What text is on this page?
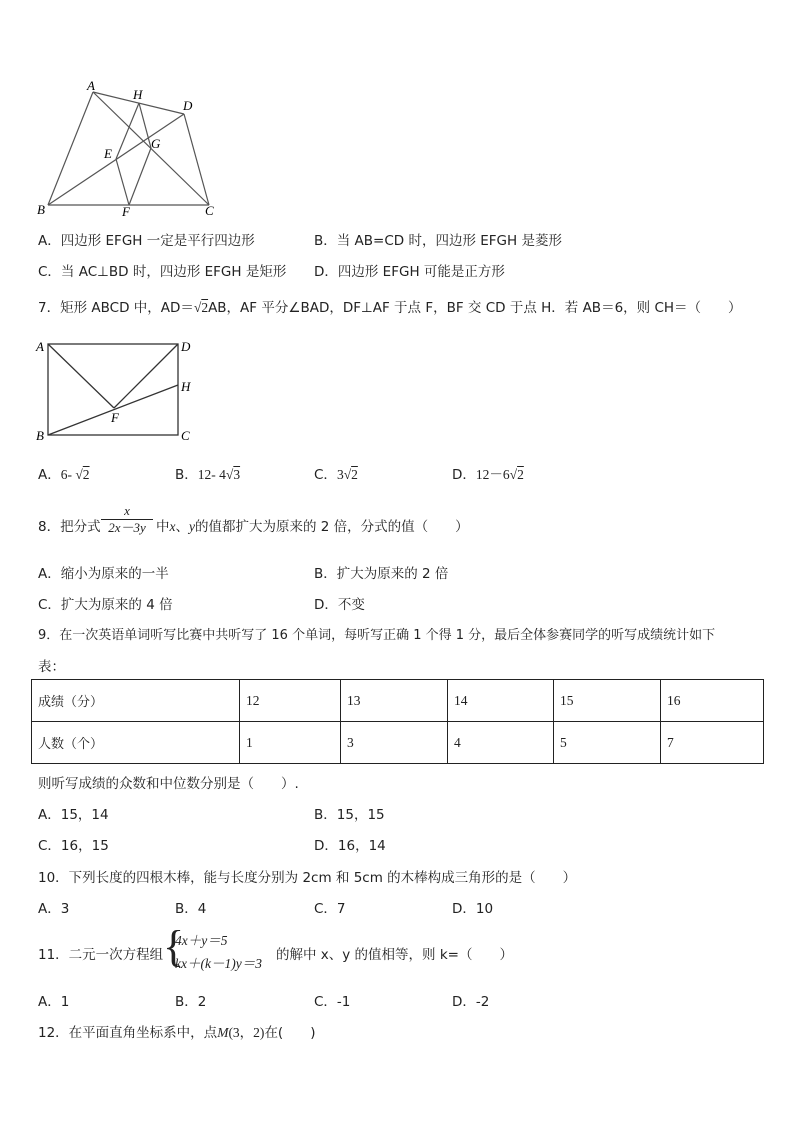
A
H
D
E
G
B	F	C
A．四边形 EFGH 一定是平行四边形	B．当 AB=CD 时，四边形 EFGH 是菱形
C．当 AC⊥BD 时，四边形 EFGH 是矩形 D．四边形 EFGH 可能是正方形
7．矩形 ABCD 中，AD＝√2AB，AF 平分∠BAD，DF⊥AF 于点 F，BF 交 CD 于点 H．若 AB＝6，则 CH＝（　　）
A	D
H
F
B	C
A．6- √2	B．12- 4√3	C．3√2	D．12－6√2
8．把分式
x
2x－3y 中x、y的值都扩大为原来的 2 倍，分式的值（　　）
A．缩小为原来的一半	B．扩大为原来的 2 倍
C．扩大为原来的 4 倍	D．不变
9．在一次英语单词听写比赛中共听写了 16 个单词，每听写正确 1 个得 1 分，最后全体参赛同学的听写成绩统计如下
表：
成绩（分）	12	13	14	15	16
人数（个）	1	3	4	5	7
则听写成绩的众数和中位数分别是（　　）.
A．15，14	B．15，15
C．16，15	D．16，14
10．下列长度的四根木棒，能与长度分别为 2cm 和 5cm 的木棒构成三角形的是（　　）
A．3	B．4	C．7	D．10
11．二元一次方程组 {
4x＋y＝5
kx＋(k－1)y＝3
的解中 x、y 的值相等，则 k=（　　）
A．1	B．2	C．-1	D．-2
12．在平面直角坐标系中，点M(3，2)在(　　)
